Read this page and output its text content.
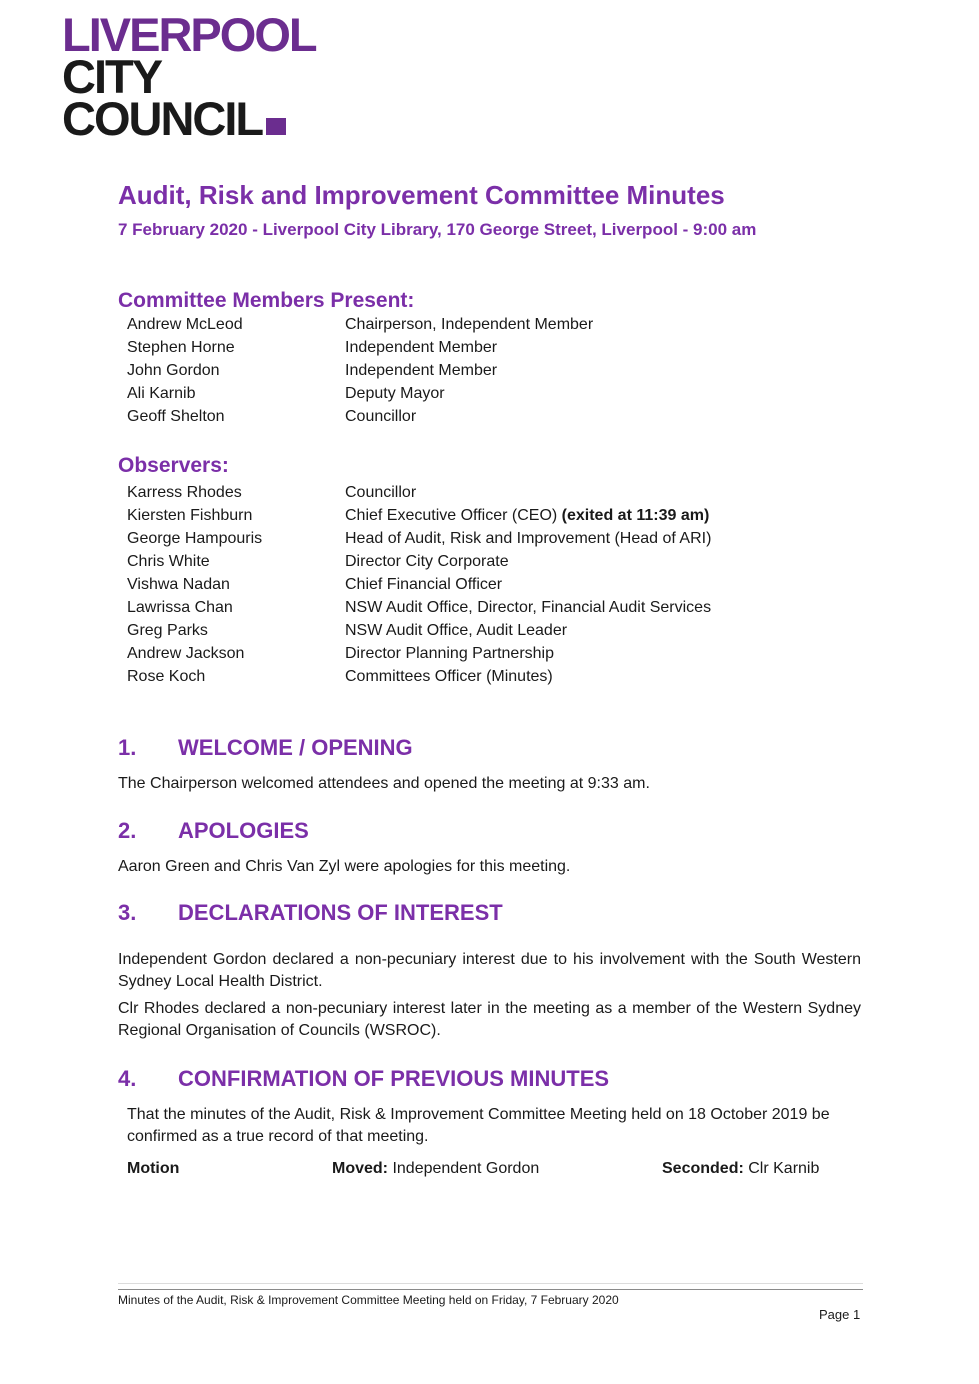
LIVERPOOL
CITY
COUNCIL
Audit, Risk and Improvement Committee Minutes
7 February 2020 - Liverpool City Library, 170 George Street, Liverpool - 9:00 am
Committee Members Present:
Andrew McLeod	Chairperson, Independent Member
Stephen Horne	Independent Member
John Gordon	Independent Member
Ali Karnib	Deputy Mayor
Geoff Shelton	Councillor
Observers:
Karress Rhodes	Councillor
Kiersten Fishburn	Chief Executive Officer (CEO) (exited at 11:39 am)
George Hampouris	Head of Audit, Risk and Improvement (Head of ARI)
Chris White	Director City Corporate
Vishwa Nadan	Chief Financial Officer
Lawrissa Chan	NSW Audit Office, Director, Financial Audit Services
Greg Parks	NSW Audit Office, Audit Leader
Andrew Jackson	Director Planning Partnership
Rose Koch	Committees Officer (Minutes)
1.	WELCOME / OPENING
The Chairperson welcomed attendees and opened the meeting at 9:33 am.
2.	APOLOGIES
Aaron Green and Chris Van Zyl were apologies for this meeting.
3.	DECLARATIONS OF INTEREST
Independent Gordon declared a non-pecuniary interest due to his involvement with the South Western Sydney Local Health District.
Clr Rhodes declared a non-pecuniary interest later in the meeting as a member of the Western Sydney Regional Organisation of Councils (WSROC).
4.	CONFIRMATION OF PREVIOUS MINUTES
That the minutes of the Audit, Risk & Improvement Committee Meeting held on 18 October 2019 be confirmed as a true record of that meeting.
Motion	Moved: Independent Gordon	Seconded: Clr Karnib
Minutes of the Audit, Risk & Improvement Committee Meeting held on Friday, 7 February 2020
Page 1
